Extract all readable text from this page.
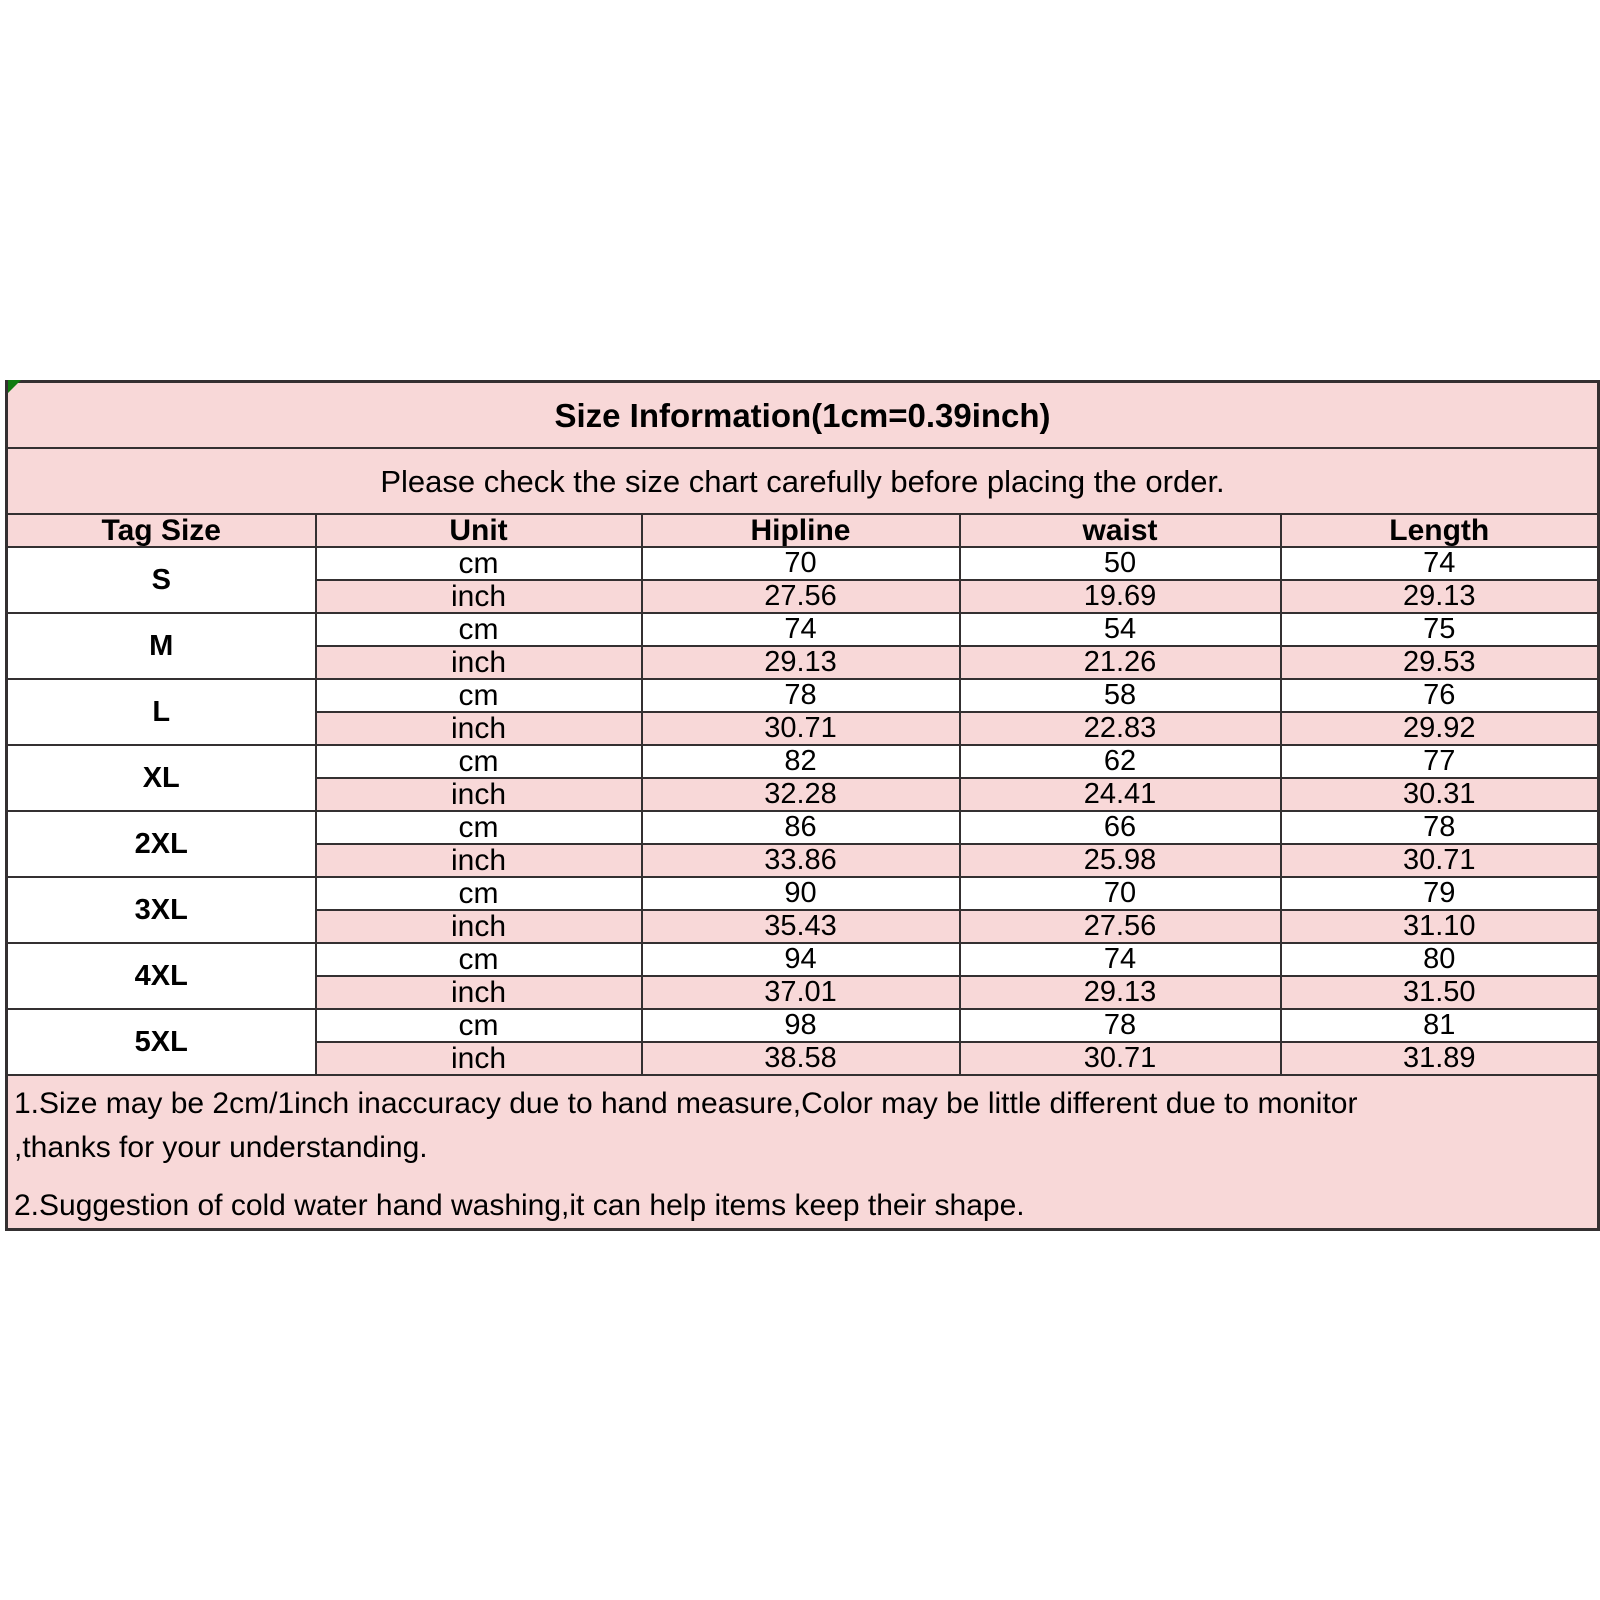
Size Information(1cm=0.39inch)				
Please check the size chart carefully before placing the order.				
Tag Size	Unit	Hipline	waist	Length
S	cm	70	50	74
	inch	27.56	19.69	29.13
M	cm	74	54	75
	inch	29.13	21.26	29.53
L	cm	78	58	76
	inch	30.71	22.83	29.92
XL	cm	82	62	77
	inch	32.28	24.41	30.31
2XL	cm	86	66	78
	inch	33.86	25.98	30.71
3XL	cm	90	70	79
	inch	35.43	27.56	31.10
4XL	cm	94	74	80
	inch	37.01	29.13	31.50
5XL	cm	98	78	81
	inch	38.58	30.71	31.89

1.Size may be 2cm/1inch inaccuracy due to hand measure,Color may be little different due to monitor
,thanks for your understanding.
2.Suggestion of cold water hand washing,it can help items keep their shape.				
